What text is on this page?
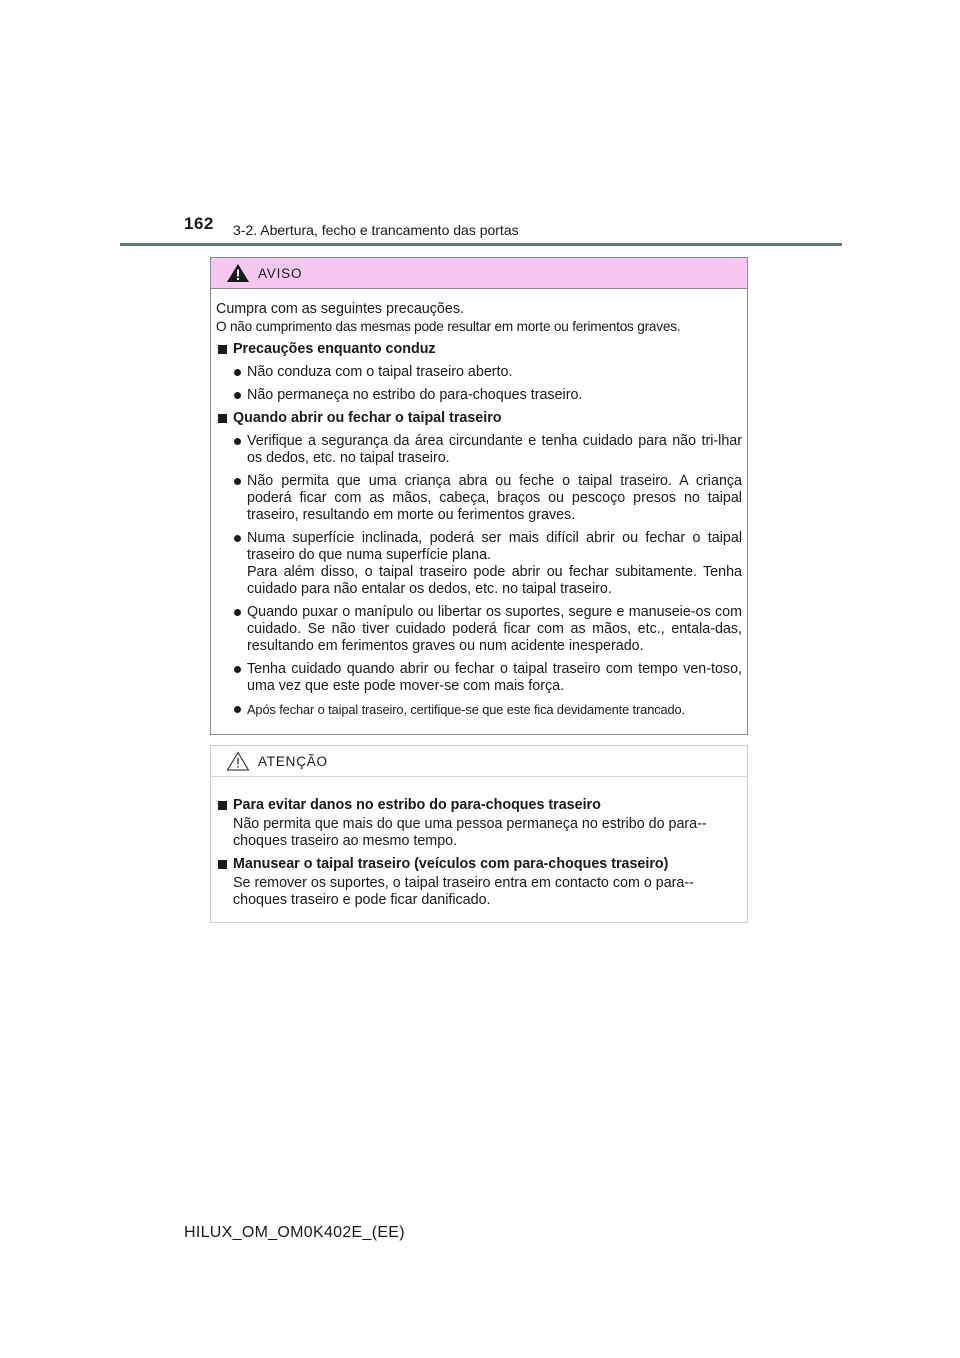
162 3-2. Abertura, fecho e trancamento das portas
AVISO
Cumpra com as seguintes precauções.
O não cumprimento das mesmas pode resultar em morte ou ferimentos graves.
Precauções enquanto conduz
Não conduza com o taipal traseiro aberto.
Não permaneça no estribo do para-choques traseiro.
Quando abrir ou fechar o taipal traseiro
Verifique a segurança da área circundante e tenha cuidado para não tri-lhar os dedos, etc. no taipal traseiro.
Não permita que uma criança abra ou feche o taipal traseiro. A criança poderá ficar com as mãos, cabeça, braços ou pescoço presos no taipal traseiro, resultando em morte ou ferimentos graves.
Numa superfície inclinada, poderá ser mais difícil abrir ou fechar o taipal traseiro do que numa superfície plana.
Para além disso, o taipal traseiro pode abrir ou fechar subitamente. Tenha cuidado para não entalar os dedos, etc. no taipal traseiro.
Quando puxar o manípulo ou libertar os suportes, segure e manuseie-os com cuidado. Se não tiver cuidado poderá ficar com as mãos, etc., entala-das, resultando em ferimentos graves ou num acidente inesperado.
Tenha cuidado quando abrir ou fechar o taipal traseiro com tempo ven-toso, uma vez que este pode mover-se com mais força.
Após fechar o taipal traseiro, certifique-se que este fica devidamente trancado.
ATENÇÃO
Para evitar danos no estribo do para-choques traseiro
Não permita que mais do que uma pessoa permaneça no estribo do para--choques traseiro ao mesmo tempo.
Manusear o taipal traseiro (veículos com para-choques traseiro)
Se remover os suportes, o taipal traseiro entra em contacto com o para--choques traseiro e pode ficar danificado.
HILUX_OM_OM0K402E_(EE)
